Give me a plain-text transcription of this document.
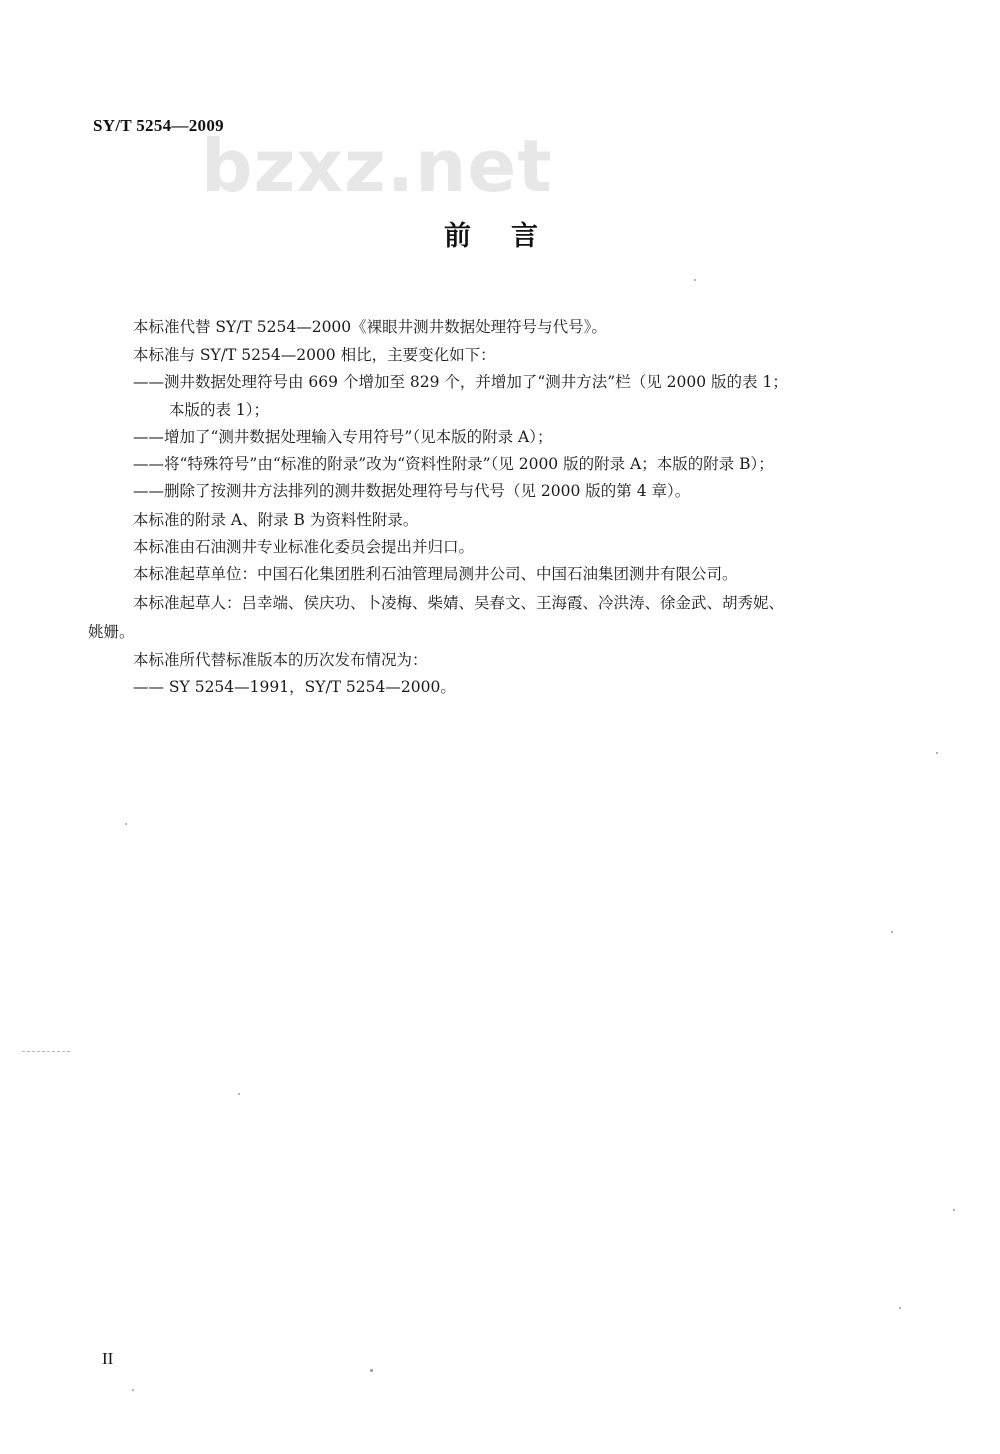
SY/T 5254—2009
bzxz.net
前言
本标准代替 SY/T 5254—2000《裸眼井测井数据处理符号与代号》。
本标准与 SY/T 5254—2000 相比，主要变化如下：
——测井数据处理符号由 669 个增加至 829 个，并增加了“测井方法”栏（见 2000 版的表 1；
本版的表 1）；
——增加了“测井数据处理输入专用符号”（见本版的附录 A）；
——将“特殊符号”由“标准的附录”改为“资料性附录”（见 2000 版的附录 A；本版的附录 B）；
——删除了按测井方法排列的测井数据处理符号与代号（见 2000 版的第 4 章）。
本标准的附录 A、附录 B 为资料性附录。
本标准由石油测井专业标准化委员会提出并归口。
本标准起草单位：中国石化集团胜利石油管理局测井公司、中国石油集团测井有限公司。
本标准起草人：吕幸端、侯庆功、卜凌梅、柴婧、吴春文、王海霞、冷洪涛、徐金武、胡秀妮、
姚姗。
本标准所代替标准版本的历次发布情况为：
—— SY 5254—1991，SY/T 5254—2000。
II
